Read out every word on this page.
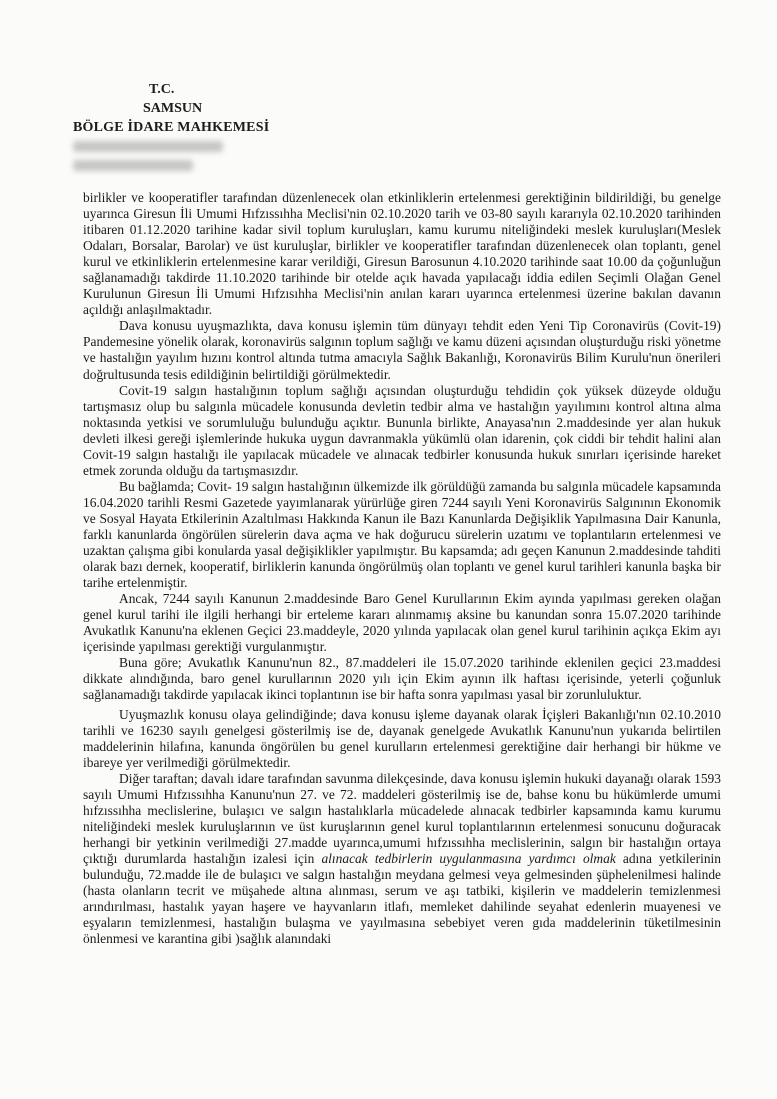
T.C.
SAMSUN
BÖLGE İDARE MAHKEMESİ

birlikler ve kooperatifler tarafından düzenlenecek olan etkinliklerin ertelenmesi gerektiğinin bildirildiği, bu genelge uyarınca Giresun İli Umumi Hıfzıssıhha Meclisi'nin 02.10.2020 tarih ve 03-80 sayılı kararıyla 02.10.2020 tarihinden itibaren 01.12.2020 tarihine kadar sivil toplum kuruluşları, kamu kurumu niteliğindeki meslek kuruluşları(Meslek Odaları, Borsalar, Barolar) ve üst kuruluşlar, birlikler ve kooperatifler tarafından düzenlenecek olan toplantı, genel kurul ve etkinliklerin ertelenmesine karar verildiği, Giresun Barosunun 4.10.2020 tarihinde saat 10.00 da çoğunluğun sağlanamadığı takdirde 11.10.2020 tarihinde bir otelde açık havada yapılacağı iddia edilen Seçimli Olağan Genel Kurulunun Giresun İli Umumi Hıfzısıhha Meclisi'nin anılan kararı uyarınca ertelenmesi üzerine bakılan davanın açıldığı anlaşılmaktadır.

Dava konusu uyuşmazlıkta, dava konusu işlemin tüm dünyayı tehdit eden Yeni Tip Coronavirüs (Covit-19) Pandemesine yönelik olarak, koronavirüs salgının toplum sağlığı ve kamu düzeni açısından oluşturduğu riski yönetme ve hastalığın yayılım hızını kontrol altında tutma amacıyla Sağlık Bakanlığı, Koronavirüs Bilim Kurulu'nun önerileri doğrultusunda tesis edildiğinin belirtildiği görülmektedir.

Covit-19 salgın hastalığının toplum sağlığı açısından oluşturduğu tehdidin çok yüksek düzeyde olduğu tartışmasız olup bu salgınla mücadele konusunda devletin tedbir alma ve hastalığın yayılımını kontrol altına alma noktasında yetkisi ve sorumluluğu bulunduğu açıktır. Bununla birlikte, Anayasa'nın 2.maddesinde yer alan hukuk devleti ilkesi gereği işlemlerinde hukuka uygun davranmakla yükümlü olan idarenin, çok ciddi bir tehdit halini alan Covit-19 salgın hastalığı ile yapılacak mücadele ve alınacak tedbirler konusunda hukuk sınırları içerisinde hareket etmek zorunda olduğu da tartışmasızdır.

Bu bağlamda; Covit- 19 salgın hastalığının ülkemizde ilk görüldüğü zamanda bu salgınla mücadele kapsamında 16.04.2020 tarihli Resmi Gazetede yayımlanarak yürürlüğe giren 7244 sayılı Yeni Koronavirüs Salgınının Ekonomik ve Sosyal Hayata Etkilerinin Azaltılması Hakkında Kanun ile Bazı Kanunlarda Değişiklik Yapılmasına Dair Kanunla, farklı kanunlarda öngörülen sürelerin dava açma ve hak doğurucu sürelerin uzatımı ve toplantıların ertelenmesi ve uzaktan çalışma gibi konularda yasal değişiklikler yapılmıştır. Bu kapsamda; adı geçen Kanunun 2.maddesinde tahditi olarak bazı dernek, kooperatif, birliklerin kanunda öngörülmüş olan toplantı ve genel kurul tarihleri kanunla başka bir tarihe ertelenmiştir.

Ancak, 7244 sayılı Kanunun 2.maddesinde Baro Genel Kurullarının Ekim ayında yapılması gereken olağan genel kurul tarihi ile ilgili herhangi bir erteleme kararı alınmamış aksine bu kanundan sonra 15.07.2020 tarihinde Avukatlık Kanunu'na eklenen Geçici 23.maddeyle, 2020 yılında yapılacak olan genel kurul tarihinin açıkça Ekim ayı içerisinde yapılması gerektiği vurgulanmıştır.

Buna göre; Avukatlık Kanunu'nun 82., 87.maddeleri ile 15.07.2020 tarihinde eklenilen geçici 23.maddesi dikkate alındığında, baro genel kurullarının 2020 yılı için Ekim ayının ilk haftası içerisinde, yeterli çoğunluk sağlanamadığı takdirde yapılacak ikinci toplantının ise bir hafta sonra yapılması yasal bir zorunluluktur.

Uyuşmazlık konusu olaya gelindiğinde; dava konusu işleme dayanak olarak İçişleri Bakanlığı'nın 02.10.2010 tarihli ve 16230 sayılı genelgesi gösterilmiş ise de, dayanak genelgede Avukatlık Kanunu'nun yukarıda belirtilen maddelerinin hilafına, kanunda öngörülen bu genel kurulların ertelenmesi gerektiğine dair herhangi bir hükme ve ibareye yer verilmediği görülmektedir.

Diğer taraftan; davalı idare tarafından savunma dilekçesinde, dava konusu işlemin hukuki dayanağı olarak 1593 sayılı Umumi Hıfzıssıhha Kanunu'nun 27. ve 72. maddeleri gösterilmiş ise de, bahse konu bu hükümlerde umumi hıfzıssıhha meclislerine, bulaşıcı ve salgın hastalıklarla mücadelede alınacak tedbirler kapsamında kamu kurumu niteliğindeki meslek kuruluşlarının ve üst kuruşlarının genel kurul toplantılarının ertelenmesi sonucunu doğuracak herhangi bir yetkinin verilmediği 27.madde uyarınca,umumi hıfzıssıhha meclislerinin, salgın bir hastalığın ortaya çıktığı durumlarda hastalığın izalesi için alınacak tedbirlerin uygulanmasına yardımcı olmak adına yetkilerinin bulunduğu, 72.madde ile de bulaşıcı ve salgın hastalığın meydana gelmesi veya gelmesinden şüphelenilmesi halinde (hasta olanların tecrit ve müşahede altına alınması, serum ve aşı tatbiki, kişilerin ve maddelerin temizlenmesi arındırılması, hastalık yayan haşere ve hayvanların itlafı, memleket dahilinde seyahat edenlerin muayenesi ve eşyaların temizlenmesi, hastalığın bulaşma ve yayılmasına sebebiyet veren gıda maddelerinin tüketilmesinin önlenmesi ve karantina gibi )sağlık alanındaki
